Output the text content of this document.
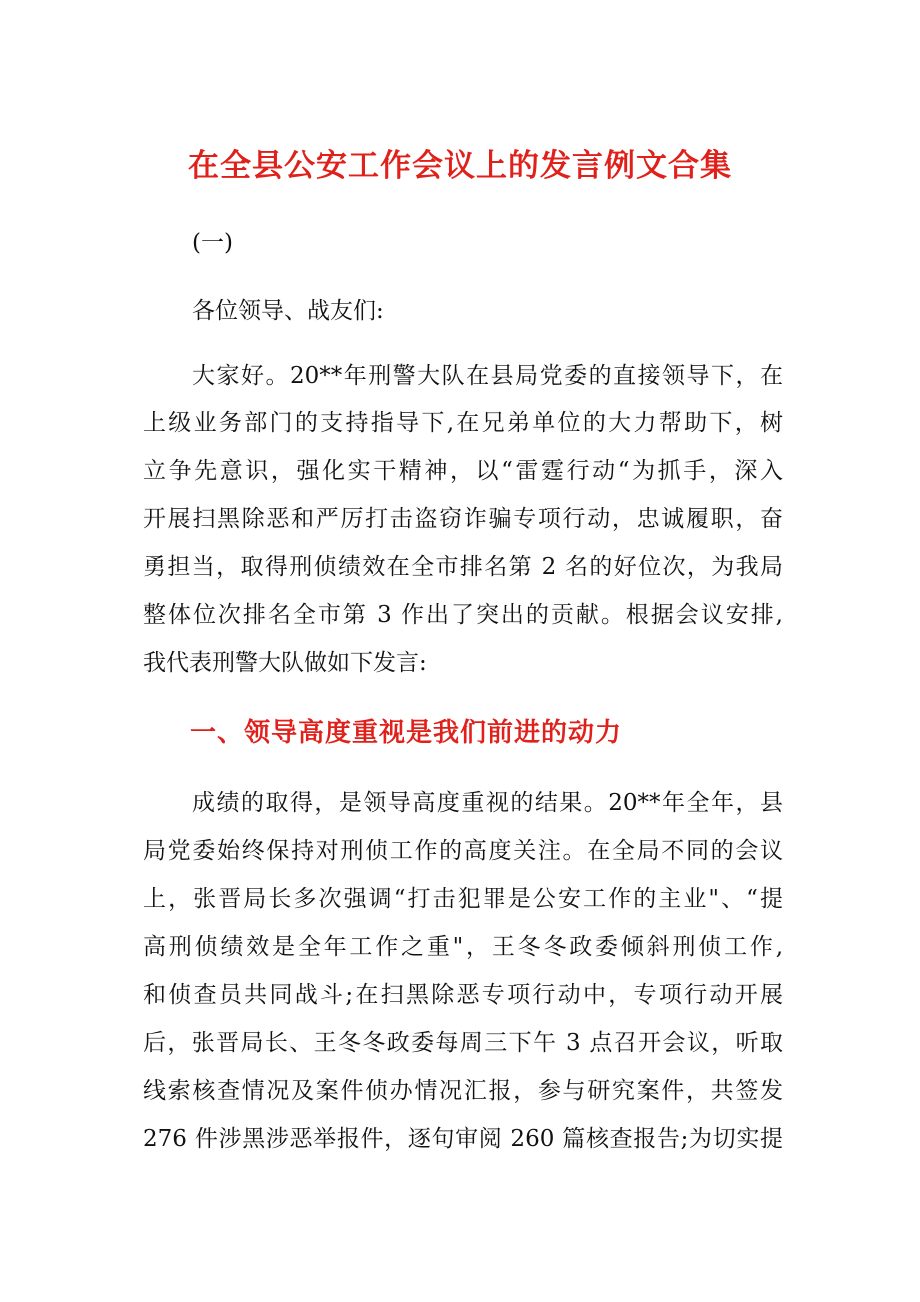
在全县公安工作会议上的发言例文合集
(一)
各位领导、战友们:
大家好。20**年刑警大队在县局党委的直接领导下，在
上级业务部门的支持指导下,在兄弟单位的大力帮助下，树
立争先意识，强化实干精神，以“雷霆行动“为抓手，深入
开展扫黑除恶和严厉打击盗窃诈骗专项行动，忠诚履职，奋
勇担当，取得刑侦绩效在全市排名第 2 名的好位次，为我局
整体位次排名全市第 3 作出了突出的贡献。根据会议安排,
我代表刑警大队做如下发言:
一、领导高度重视是我们前进的动力
成绩的取得，是领导高度重视的结果。20**年全年，县
局党委始终保持对刑侦工作的高度关注。在全局不同的会议
上，张晋局长多次强调“打击犯罪是公安工作的主业"、“提
高刑侦绩效是全年工作之重"，王冬冬政委倾斜刑侦工作,
和侦查员共同战斗;在扫黑除恶专项行动中，专项行动开展
后，张晋局长、王冬冬政委每周三下午 3 点召开会议，听取
线索核查情况及案件侦办情况汇报，参与研究案件，共签发
276 件涉黑涉恶举报件，逐句审阅 260 篇核查报告;为切实提
